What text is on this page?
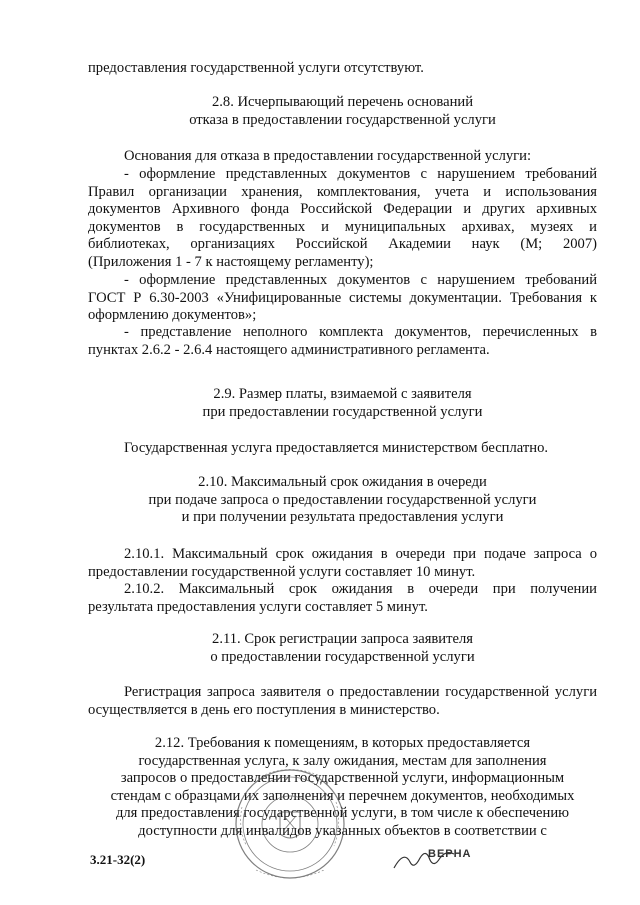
предоставления государственной услуги отсутствуют.

2.8. Исчерпывающий перечень оснований
отказа в предоставлении государственной услуги

Основания для отказа в предоставлении государственной услуги:

- оформление представленных документов с нарушением требований
Правил организации хранения, комплектования, учета и использования
документов Архивного фонда Российской Федерации и других архивных
документов в государственных и муниципальных архивах, музеях и
библиотеках, организациях Российской Академии наук (М; 2007)
(Приложения 1 - 7 к настоящему регламенту);
- оформление представленных документов с нарушением требований
ГОСТ Р 6.30-2003 «Унифицированные системы документации. Требования к
оформлению документов»;
- представление неполного комплекта документов, перечисленных в
пунктах 2.6.2 - 2.6.4 настоящего административного регламента.
2.9. Размер платы, взимаемой с заявителя
при предоставлении государственной услуги

Государственная услуга предоставляется министерством бесплатно.

2.10. Максимальный срок ожидания в очереди
при подаче запроса о предоставлении государственной услуги
и при получении результата предоставления услуги
2.10.1. Максимальный срок ожидания в очереди при подаче запроса о
предоставлении государственной услуги составляет 10 минут.
2.10.2. Максимальный срок ожидания в очереди при получении
результата предоставления услуги составляет 5 минут.
2.11. Срок регистрации запроса заявителя
о предоставлении государственной услуги
Регистрация запроса заявителя о предоставлении государственной услуги
осуществляется в день его поступления в министерство.
2.12. Требования к помещениям, в которых предоставляется
государственная услуга, к залу ожидания, местам для заполнения
запросов о предоставлении государственной услуги, информационным
стендам с образцами их заполнения и перечнем документов, необходимых
для предоставления государственной услуги, в том числе к обеспечению
доступности для инвалидов указанных объектов в соответствии с
ВЕРНА

3.21-32(2)
